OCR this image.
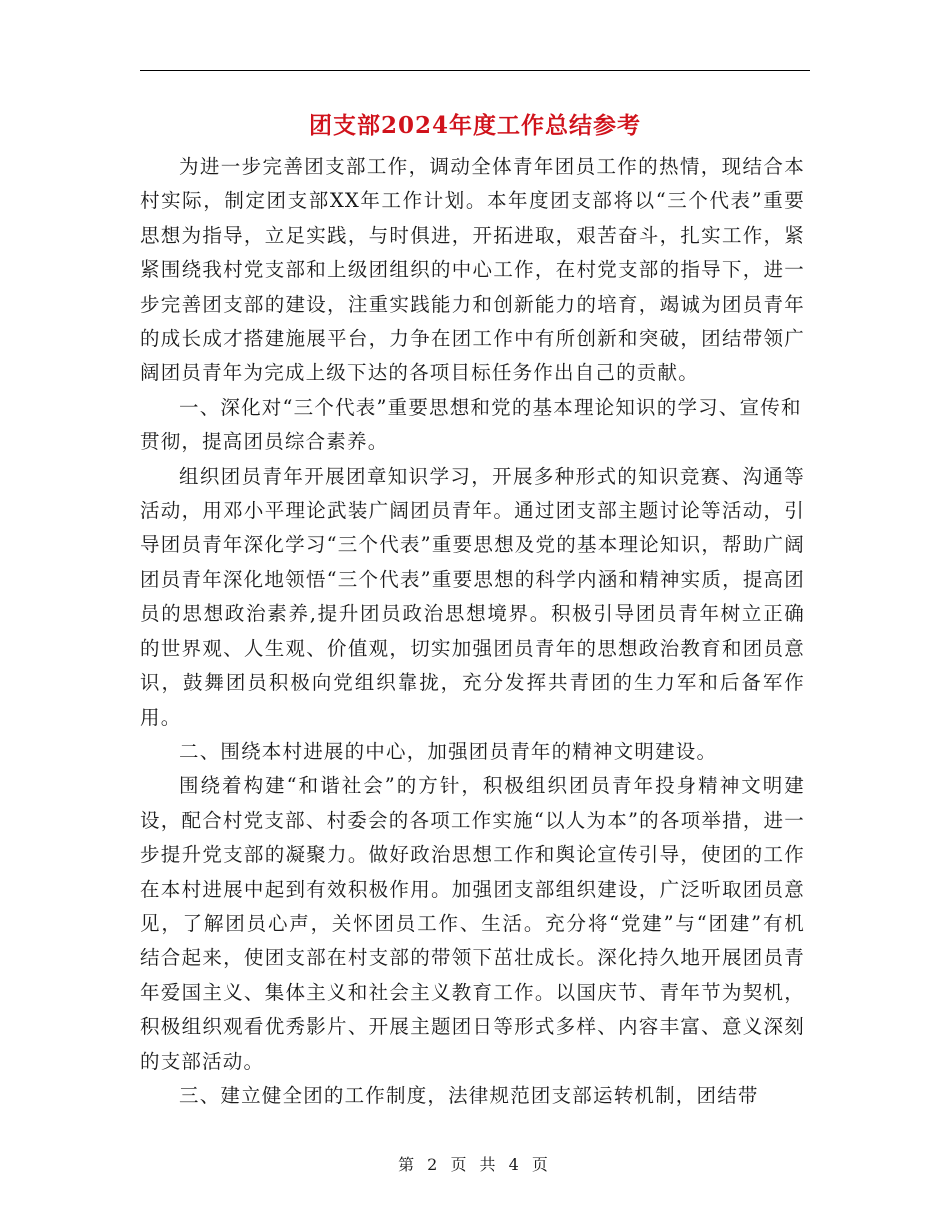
团支部2024年度工作总结参考

为进一步完善团支部工作，调动全体青年团员工作的热情，现结合本村实际，制定团支部XX年工作计划。本年度团支部将以“三个代表”重要思想为指导，立足实践，与时俱进，开拓进取，艰苦奋斗，扎实工作，紧紧围绕我村党支部和上级团组织的中心工作，在村党支部的指导下，进一步完善团支部的建设，注重实践能力和创新能力的培育，竭诚为团员青年的成长成才搭建施展平台，力争在团工作中有所创新和突破，团结带领广阔团员青年为完成上级下达的各项目标任务作出自己的贡献。

一、深化对“三个代表”重要思想和党的基本理论知识的学习、宣传和贯彻，提高团员综合素养。

组织团员青年开展团章知识学习，开展多种形式的知识竞赛、沟通等活动，用邓小平理论武装广阔团员青年。通过团支部主题讨论等活动，引导团员青年深化学习“三个代表”重要思想及党的基本理论知识，帮助广阔团员青年深化地领悟“三个代表”重要思想的科学内涵和精神实质，提高团员的思想政治素养,提升团员政治思想境界。积极引导团员青年树立正确的世界观、人生观、价值观，切实加强团员青年的思想政治教育和团员意识，鼓舞团员积极向党组织靠拢，充分发挥共青团的生力军和后备军作用。

二、围绕本村进展的中心，加强团员青年的精神文明建设。

围绕着构建“和谐社会”的方针，积极组织团员青年投身精神文明建设，配合村党支部、村委会的各项工作实施“以人为本”的各项举措，进一步提升党支部的凝聚力。做好政治思想工作和舆论宣传引导，使团的工作在本村进展中起到有效积极作用。加强团支部组织建设，广泛听取团员意见，了解团员心声，关怀团员工作、生活。充分将“党建”与“团建”有机结合起来，使团支部在村支部的带领下茁壮成长。深化持久地开展团员青年爱国主义、集体主义和社会主义教育工作。以国庆节、青年节为契机，积极组织观看优秀影片、开展主题团日等形式多样、内容丰富、意义深刻的支部活动。

三、建立健全团的工作制度，法律规范团支部运转机制，团结带

第 2 页 共 4 页
